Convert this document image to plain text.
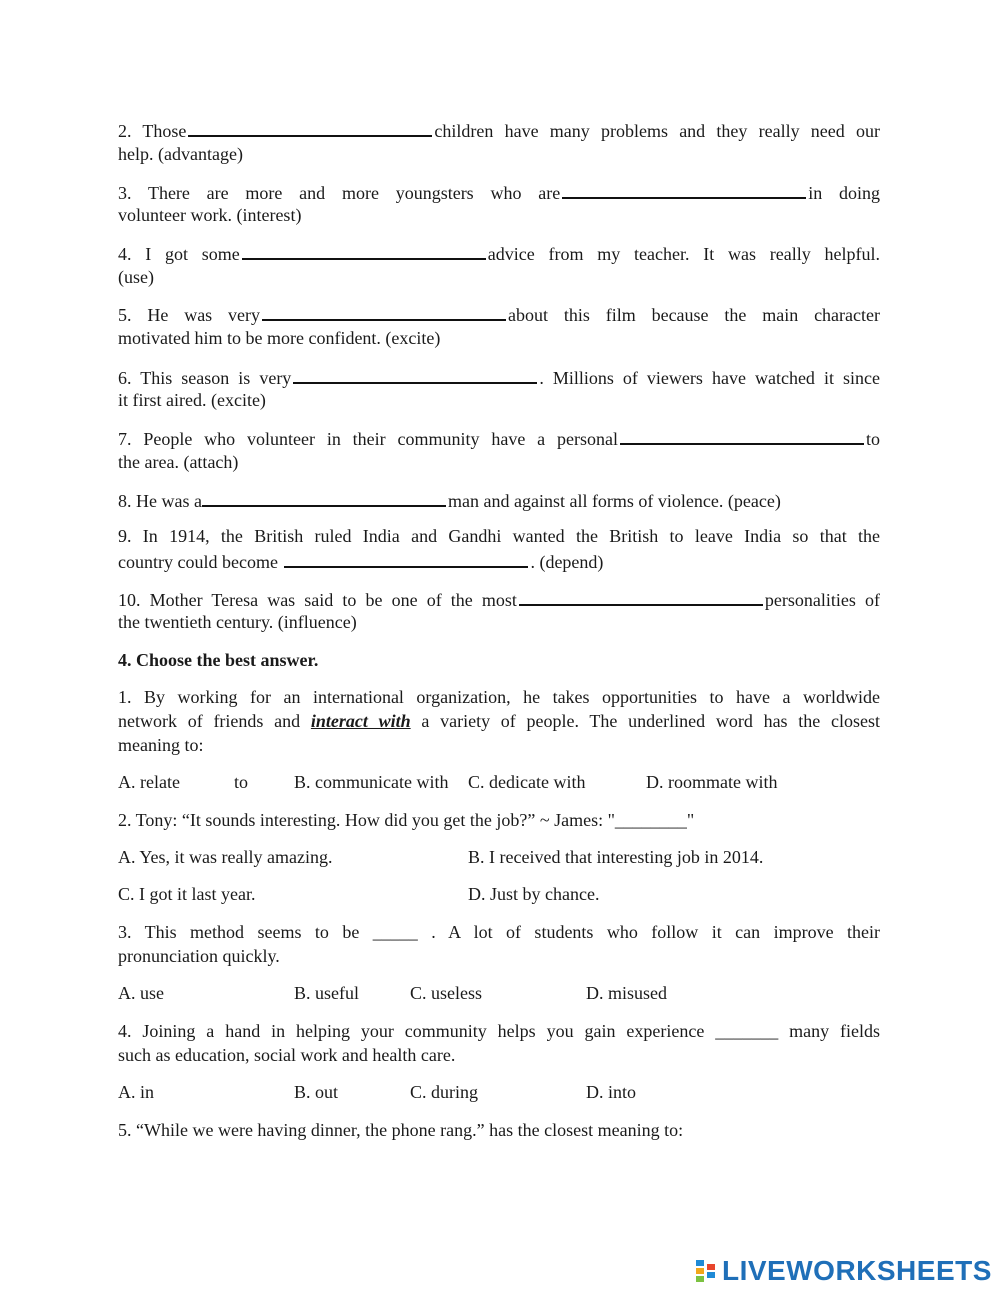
2. Those	children have many problems and they really need our
help. (advantage)
3. There are more and more youngsters who are	in doing
volunteer work. (interest)
4. I got some	advice from my teacher. It was really helpful.
(use)
5. He was very	about this film because the main character
motivated him to be more confident. (excite)
6. This season is very	. Millions of viewers have watched it since
it first aired. (excite)
7. People who volunteer in their community have a personal	to
the area. (attach)
8. He was a	man and against all forms of violence. (peace)
9. In 1914, the British ruled India and Gandhi wanted the British to leave India so that the
country could become	. (depend)
10. Mother Teresa was said to be one of the most	personalities of
the twentieth century. (influence)
4. Choose the best answer.
1. By working for an international organization, he takes opportunities to have a worldwide
network of friends and interact with a variety of people. The underlined word has the closest
meaning to:
A. relate	to	B. communicate with C. dedicate with	D. roommate with
2. Tony: “It sounds interesting. How did you get the job?” ~ James: "________"
A. Yes, it was really amazing.	B. I received that interesting job in 2014.
C. I got it last year.	D. Just by chance.
3. This method seems to be _____ . A lot of students who follow it can improve their
pronunciation quickly.
A. use	B. useful	C. useless	D. misused
4. Joining a hand in helping your community helps you gain experience _______ many fields
such as education, social work and health care.
A. in	B. out	C. during	D. into
5. “While we were having dinner, the phone rang.” has the closest meaning to:
LIVEWORKSHEETS
